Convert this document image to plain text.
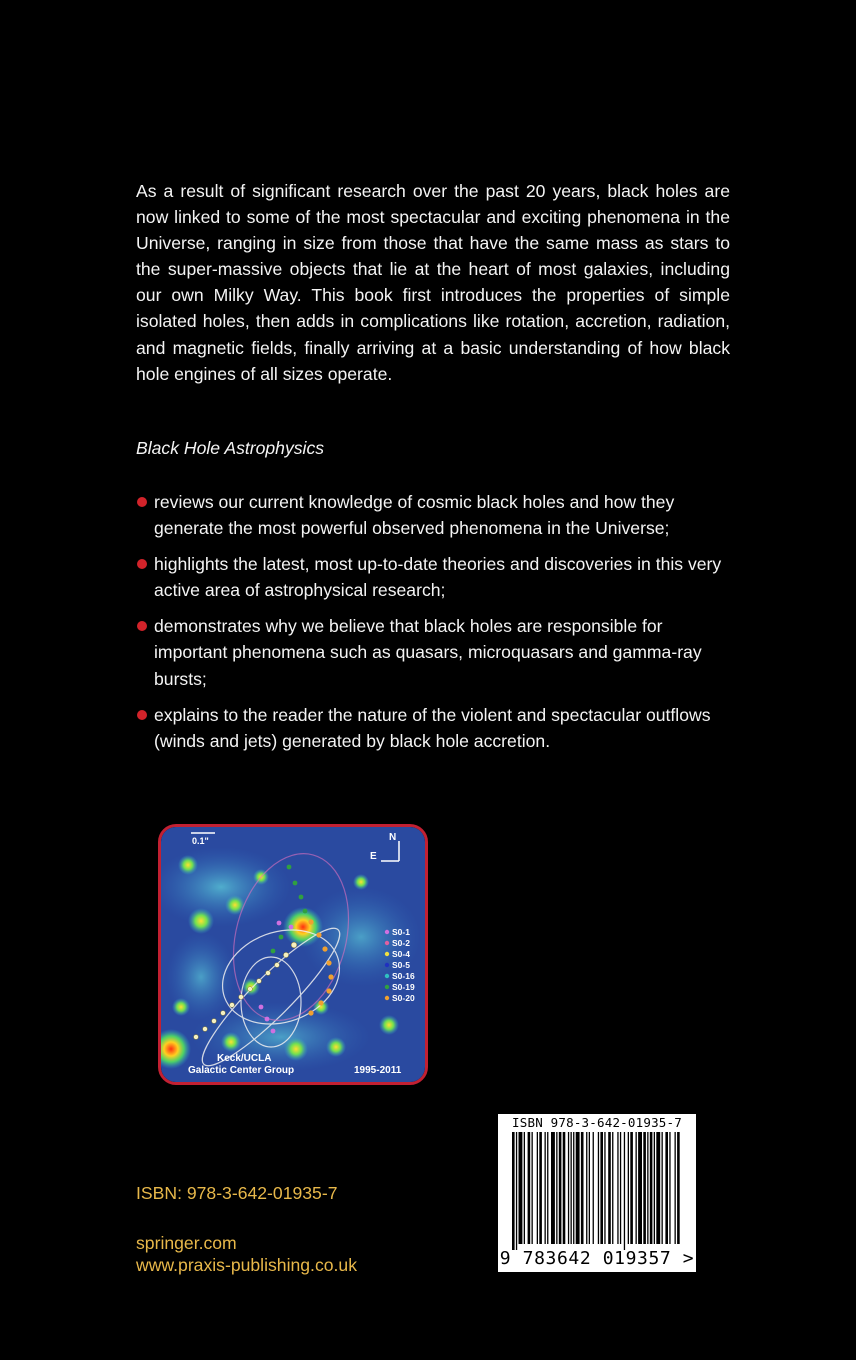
As a result of significant research over the past 20 years, black holes are now linked to some of the most spectacular and exciting phenomena in the Universe, ranging in size from those that have the same mass as stars to the super-massive objects that lie at the heart of most galaxies, including our own Milky Way. This book first introduces the properties of simple isolated holes, then adds in complications like rotation, accretion, radiation, and magnetic fields, finally arriving at a basic understanding of how black hole engines of all sizes operate.

Black Hole Astrophysics

reviews our current knowledge of cosmic black holes and how they generate the most powerful observed phenomena in the Universe;
highlights the latest, most up-to-date theories and discoveries in this very active area of astrophysical research;
demonstrates why we believe that black holes are responsible for important phenomena such as quasars, microquasars and gamma-ray bursts;
explains to the reader the nature of the violent and spectacular outflows (winds and jets) generated by black hole accretion.
0.1"	N
E
S0-1
S0-2
S0-4
S0-5
S0-16
S0-19
S0-20
Keck/UCLA
Galactic Center Group	1995-2011

ISBN: 978-3-642-01935-7

springer.com

www.praxis-publishing.co.uk

ISBN 978-3-642-01935-7
9 783642 019357 >
